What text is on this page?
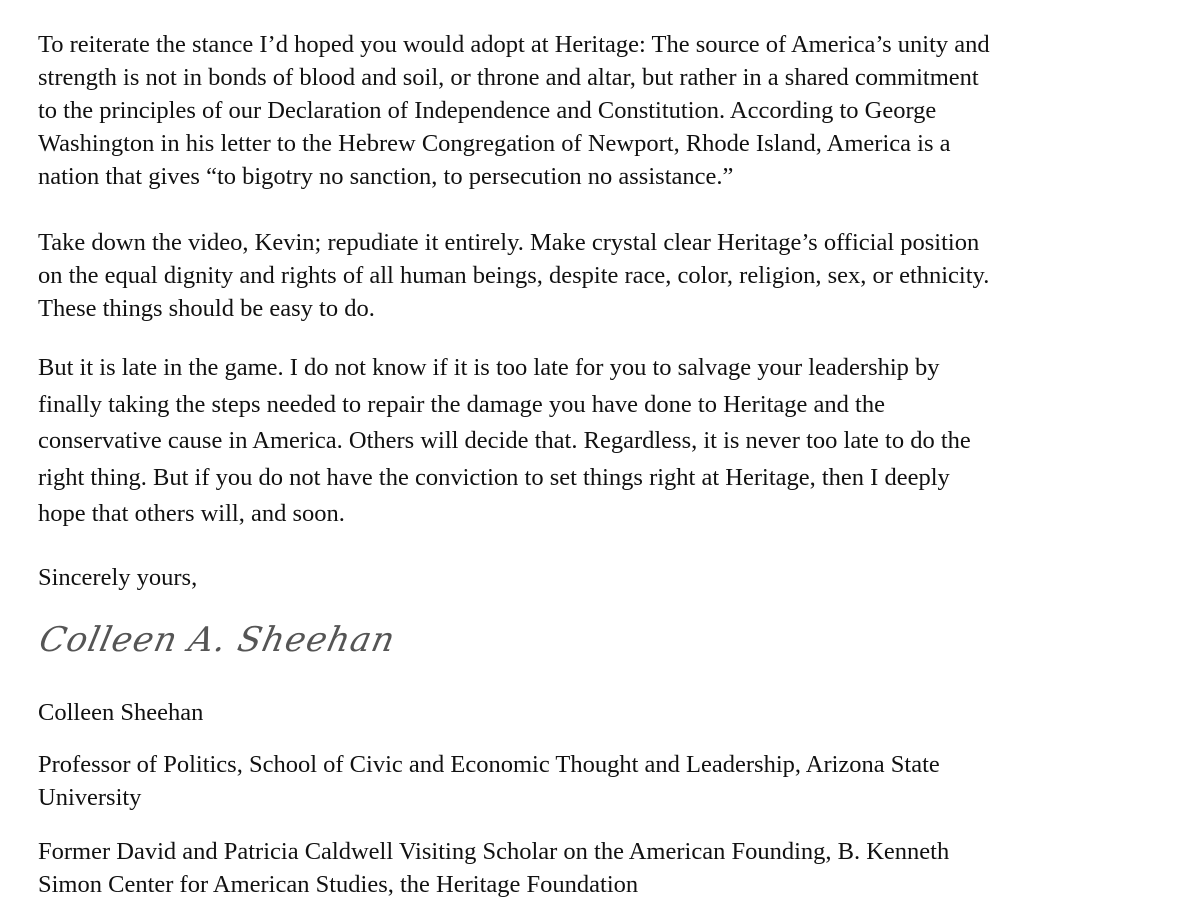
To reiterate the stance I’d hoped you would adopt at Heritage: The source of America’s unity and
strength is not in bonds of blood and soil, or throne and altar, but rather in a shared commitment
to the principles of our Declaration of Independence and Constitution. According to George
Washington in his letter to the Hebrew Congregation of Newport, Rhode Island, America is a
nation that gives “to bigotry no sanction, to persecution no assistance.”
Take down the video, Kevin; repudiate it entirely. Make crystal clear Heritage’s official position
on the equal dignity and rights of all human beings, despite race, color, religion, sex, or ethnicity.
These things should be easy to do.
But it is late in the game. I do not know if it is too late for you to salvage your leadership by
finally taking the steps needed to repair the damage you have done to Heritage and the
conservative cause in America. Others will decide that. Regardless, it is never too late to do the
right thing. But if you do not have the conviction to set things right at Heritage, then I deeply
hope that others will, and soon.
Sincerely yours,
Colleen A. Sheehan
Colleen Sheehan
Professor of Politics, School of Civic and Economic Thought and Leadership, Arizona State
University
Former David and Patricia Caldwell Visiting Scholar on the American Founding, B. Kenneth
Simon Center for American Studies, the Heritage Foundation
